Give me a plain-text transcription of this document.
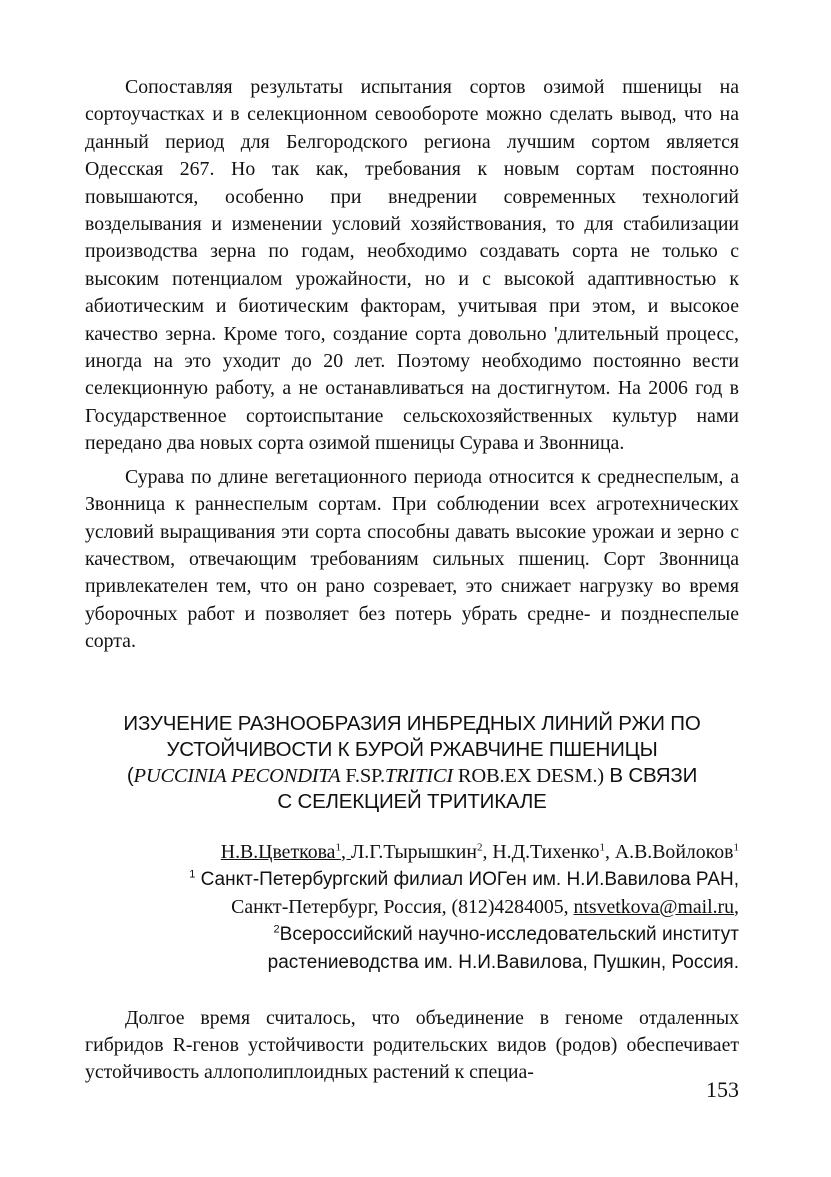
Сопоставляя результаты испытания сортов озимой пшеницы на сортоучастках и в селекционном севообороте можно сделать вывод, что на данный период для Белгородского региона лучшим сортом является Одесская 267. Но так как, требования к новым сортам постоянно повышаются, особенно при внедрении современных технологий возделывания и изменении условий хозяйствования, то для стабилизации производства зерна по годам, необходимо создавать сорта не только с высоким потенциалом урожайности, но и с высокой адаптивностью к абиотическим и биотическим факторам, учитывая при этом, и высокое качество зерна. Кроме того, создание сорта довольно 'длительный процесс, иногда на это уходит до 20 лет. Поэтому необходимо постоянно вести селекционную работу, а не останавливаться на достигнутом. На 2006 год в Государственное сортоиспытание сельскохозяйственных культур нами передано два новых сорта озимой пшеницы Сурава и Звонница.

Сурава по длине вегетационного периода относится к среднеспелым, а Звонница к раннеспелым сортам. При соблюдении всех агротехнических условий выращивания эти сорта способны давать высокие урожаи и зерно с качеством, отвечающим требованиям сильных пшениц. Сорт Звонница привлекателен тем, что он рано созревает, это снижает нагрузку во время уборочных работ и позволяет без потерь убрать средне- и позднеспелые сорта.

ИЗУЧЕНИЕ РАЗНООБРАЗИЯ ИНБРЕДНЫХ ЛИНИЙ РЖИ ПО
УСТОЙЧИВОСТИ К БУРОЙ РЖАВЧИНЕ ПШЕНИЦЫ
(PUCCINIA PECONDITA F.SP.TRITICI ROB.EX DESM.) В СВЯЗИ
С СЕЛЕКЦИЕЙ ТРИТИКАЛЕ
Н.В.Цветкова$^1$, Л.Г.Тырышкин$^2$, Н.Д.Тихенко$^1$, А.В.Войлоков$^1$
$^1$ Санкт-Петербургский филиал ИОГен им. Н.И.Вавилова РАН,
Санкт-Петербург, Россия, (812)4284005, ntsvetkova@mail.ru,
$^2$Всероссийский научно-исследовательский институт
растениеводства им. Н.И.Вавилова, Пушкин, Россия.

Долгое время считалось, что объединение в геноме отдаленных гибридов R-генов устойчивости родительских видов (родов) обеспечивает устойчивость аллополиплоидных растений к специа-

153
